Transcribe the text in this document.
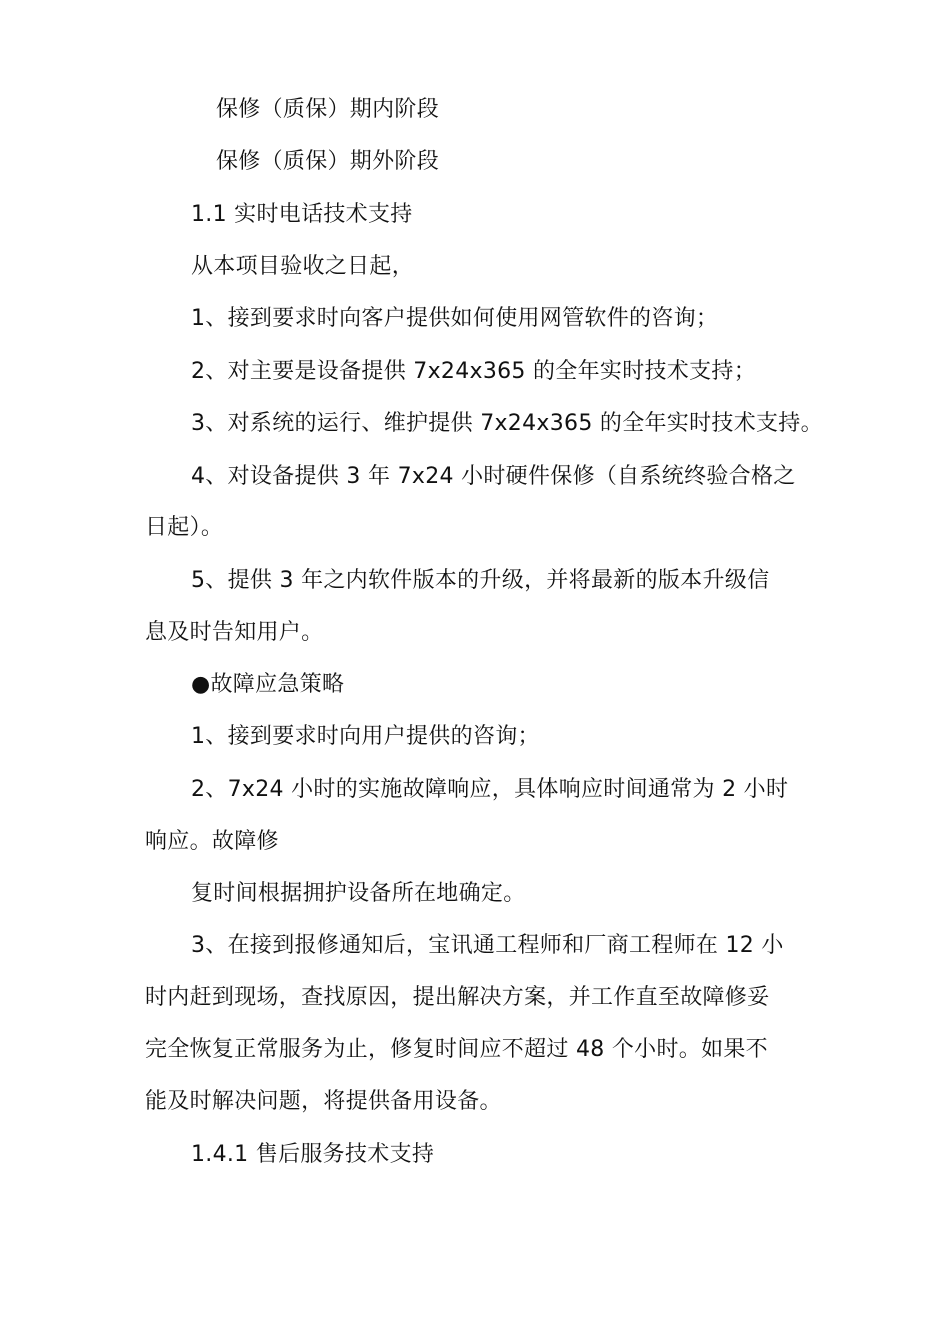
保修（质保）期内阶段
保修（质保）期外阶段
1.1 实时电话技术支持
从本项目验收之日起，
1、接到要求时向客户提供如何使用网管软件的咨询；
2、对主要是设备提供 7x24x365 的全年实时技术支持；
3、对系统的运行、维护提供 7x24x365 的全年实时技术支持。
4、对设备提供 3 年 7x24 小时硬件保修（自系统终验合格之
日起）。
5、提供 3 年之内软件版本的升级，并将最新的版本升级信
息及时告知用户。
●故障应急策略
1、接到要求时向用户提供的咨询；
2、7x24 小时的实施故障响应，具体响应时间通常为 2 小时
响应。故障修
复时间根据拥护设备所在地确定。
3、在接到报修通知后，宝讯通工程师和厂商工程师在 12 小
时内赶到现场，查找原因，提出解决方案，并工作直至故障修妥
完全恢复正常服务为止，修复时间应不超过 48 个小时。如果不
能及时解决问题，将提供备用设备。
1.4.1 售后服务技术支持
